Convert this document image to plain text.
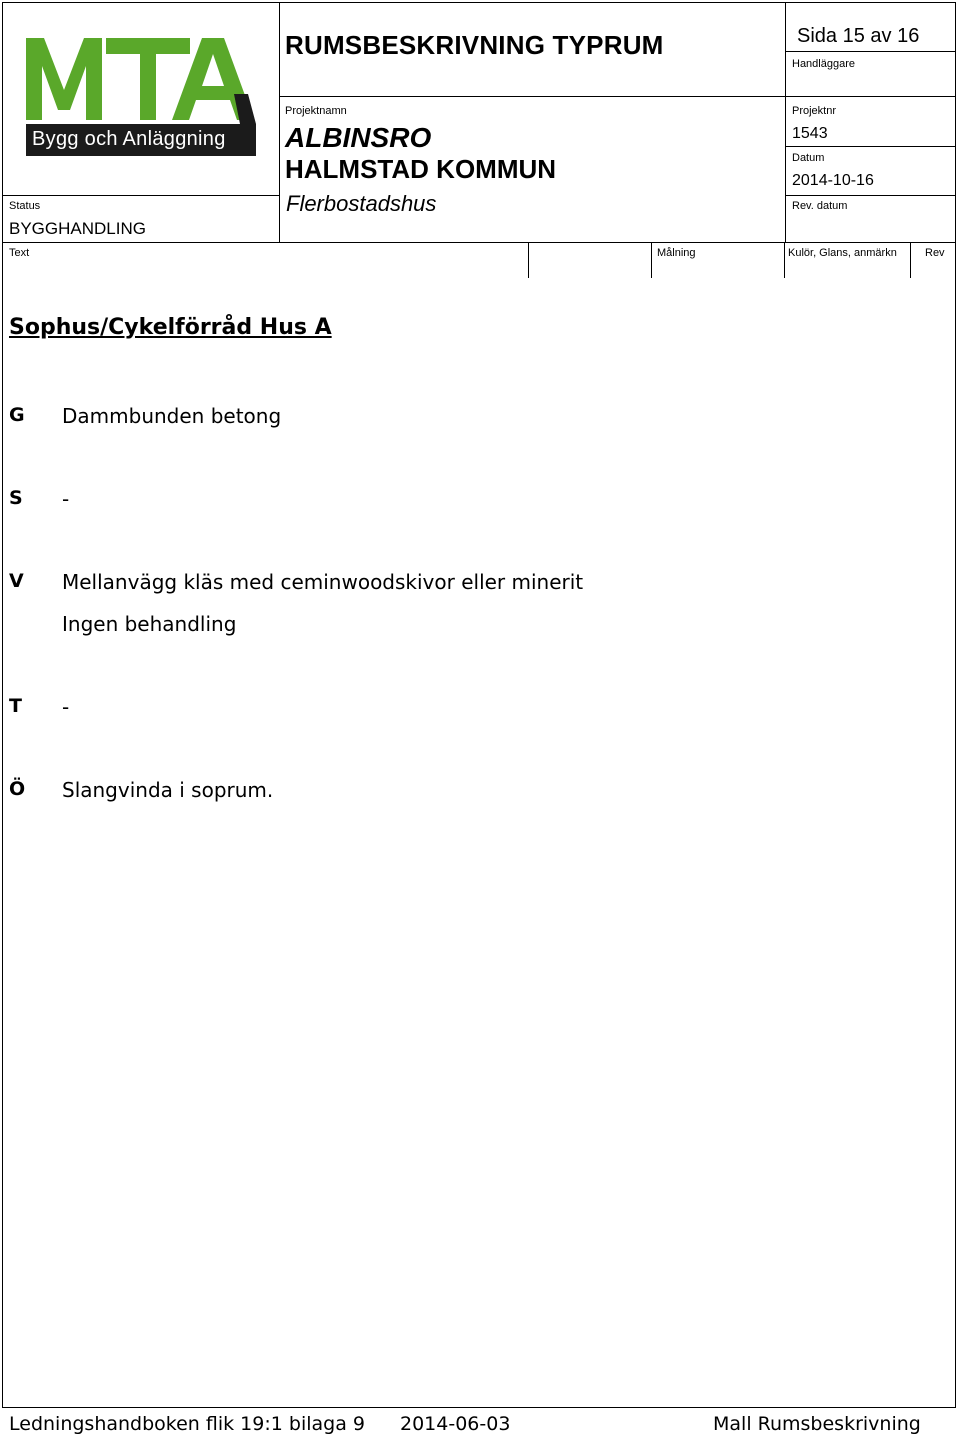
Bygg och Anläggning
Status
BYGGHANDLING
RUMSBESKRIVNING TYPRUM	Sida 15 av 16
Handläggare
Projektnamn
ALBINSRO
HALMSTAD KOMMUN
Flerbostadshus
Projektnr
1543
Datum
2014-10-16
Rev. datum
Text	Målning	Kulör, Glans, anmärkn	Rev
Sophus/Cykelförråd Hus A
G Dammbunden betong
S -
V Mellanvägg kläs med ceminwoodskivor eller minerit
Ingen behandling
T -
Ö Slangvinda i soprum.
Ledningshandboken flik 19:1 bilaga 9 2014-06-03	Mall Rumsbeskrivning
